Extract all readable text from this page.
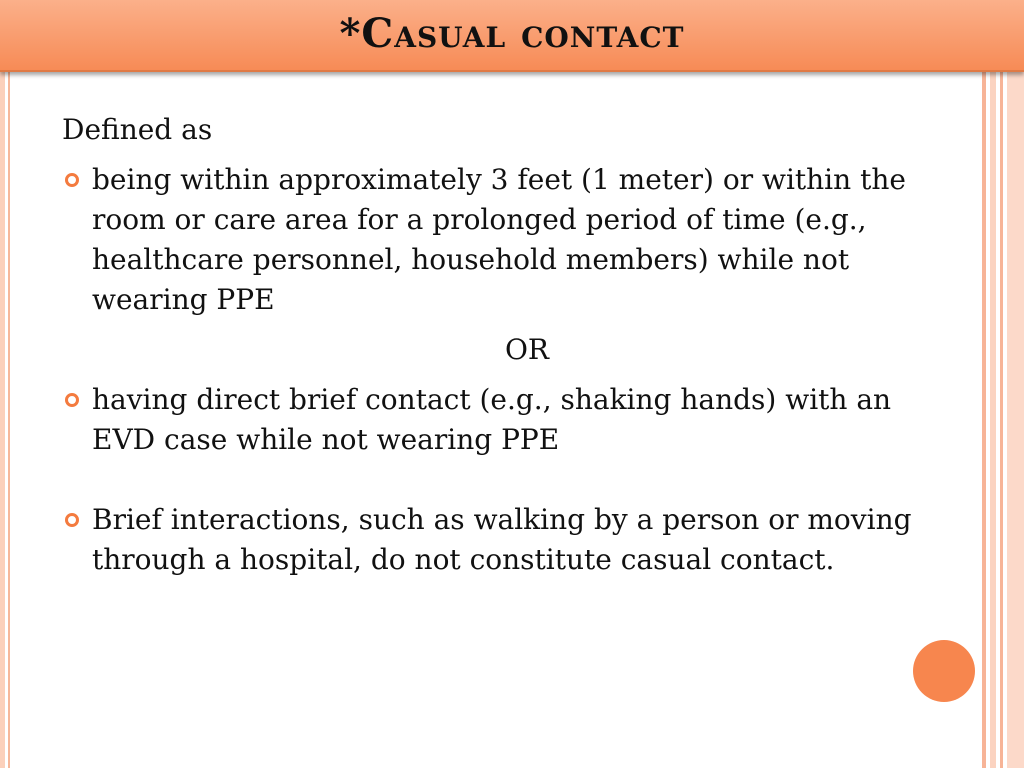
*Casual contact
Defined as
being within approximately 3 feet (1 meter) or within the room or care area for a prolonged period of time (e.g., healthcare personnel, household members) while not wearing PPE
OR
having direct brief contact (e.g., shaking hands) with an EVD case while not wearing PPE
Brief interactions, such as walking by a person or moving through a hospital, do not constitute casual contact.
